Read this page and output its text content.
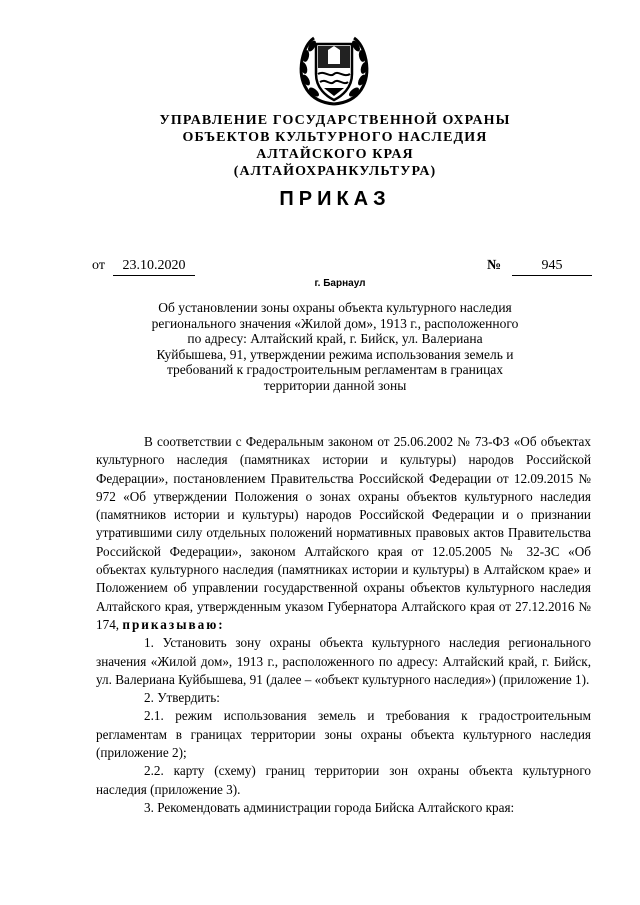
УПРАВЛЕНИЕ ГОСУДАРСТВЕННОЙ ОХРАНЫ
ОБЪЕКТОВ КУЛЬТУРНОГО НАСЛЕДИЯ
АЛТАЙСКОГО КРАЯ
(АЛТАЙОХРАНКУЛЬТУРА)
ПРИКАЗ
от	23.10.2020	№	945
г. Барнаул
Об установлении зоны охраны объекта культурного наследия
регионального значения «Жилой дом», 1913 г., расположенного
по адресу: Алтайский край, г. Бийск, ул. Валериана
Куйбышева, 91, утверждении режима использования земель и
требований к градостроительным регламентам в границах
территории данной зоны

В соответствии с Федеральным законом от 25.06.2002 № 73-ФЗ «Об объектах культурного наследия (памятниках истории и культуры) народов Российской Федерации», постановлением Правительства Российской Федерации от 12.09.2015 № 972 «Об утверждении Положения о зонах охраны объектов культурного наследия (памятников истории и культуры) народов Российской Федерации и о признании утратившими силу отдельных положений нормативных правовых актов Правительства Российской Федерации», законом Алтайского края от 12.05.2005 № 32-ЗС «Об объектах культурного наследия (памятниках истории и культуры) в Алтайском крае» и Положением об управлении государственной охраны объектов культурного наследия Алтайского края, утвержденным указом Губернатора Алтайского края от 27.12.2016 № 174, приказываю:

1. Установить зону охраны объекта культурного наследия регионального значения «Жилой дом», 1913 г., расположенного по адресу: Алтайский край, г. Бийск, ул. Валериана Куйбышева, 91 (далее – «объект культурного наследия») (приложение 1).

2. Утвердить:

2.1. режим использования земель и требования к градостроительным регламентам в границах территории зоны охраны объекта культурного наследия (приложение 2);

2.2. карту (схему) границ территории зон охраны объекта культурного наследия (приложение 3).

3. Рекомендовать администрации города Бийска Алтайского края:
